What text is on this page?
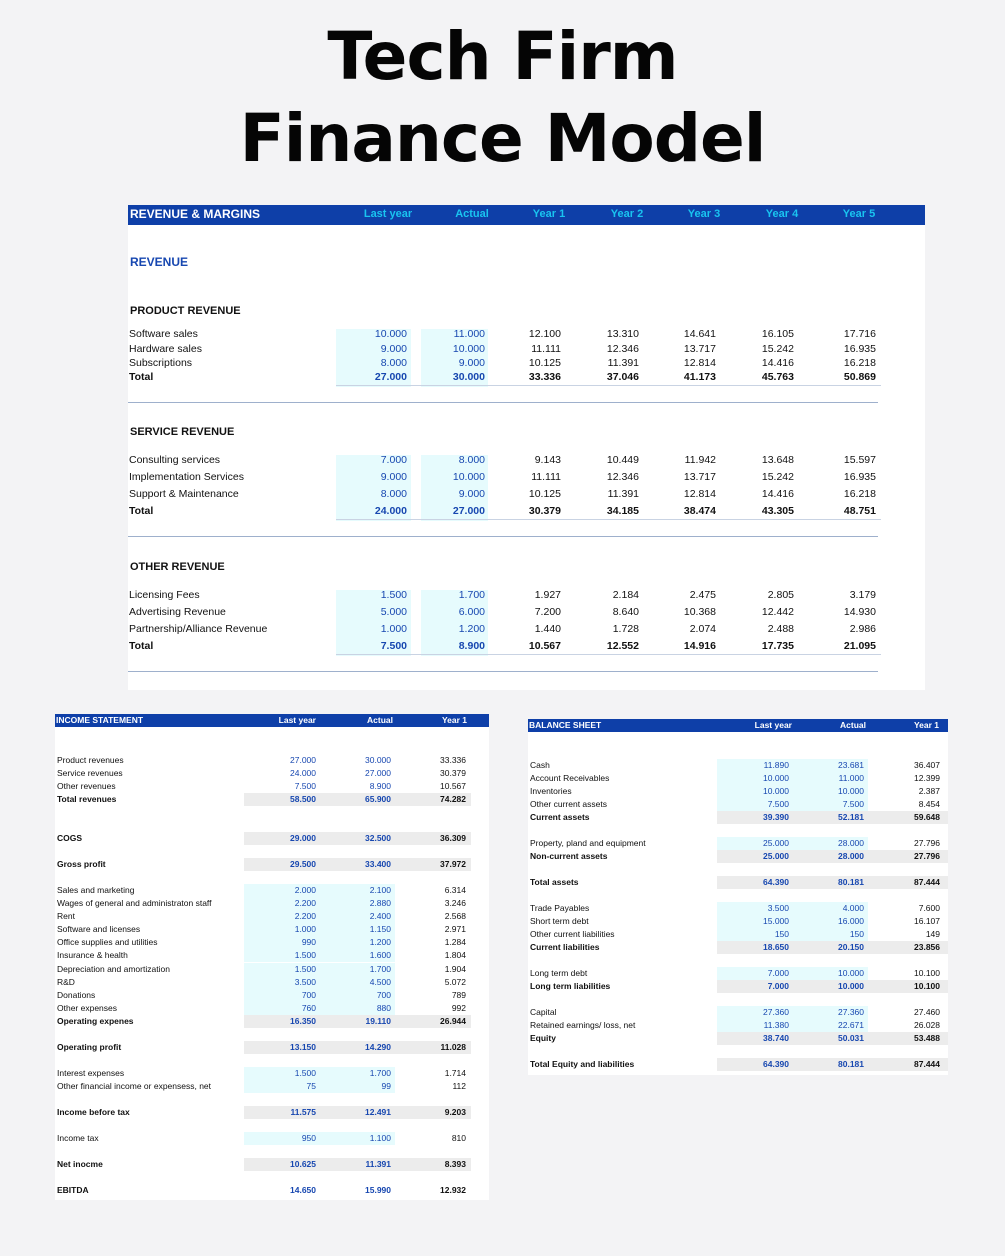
Tech Firm
Finance Model
REVENUE & MARGINS	Last year	Actual	Year 1	Year 2	Year 3	Year 4	Year 5
REVENUE
PRODUCT REVENUE
Software sales	10.000	11.000	12.100	13.310	14.641	16.105	17.716
Hardware sales	9.000	10.000	11.111	12.346	13.717	15.242	16.935
Subscriptions	8.000	9.000	10.125	11.391	12.814	14.416	16.218
Total	27.000	30.000	33.336	37.046	41.173	45.763	50.869
SERVICE REVENUE
Consulting services	7.000	8.000	9.143	10.449	11.942	13.648	15.597
Implementation Services	9.000	10.000	11.111	12.346	13.717	15.242	16.935
Support & Maintenance	8.000	9.000	10.125	11.391	12.814	14.416	16.218
Total	24.000	27.000	30.379	34.185	38.474	43.305	48.751
OTHER REVENUE
Licensing Fees	1.500	1.700	1.927	2.184	2.475	2.805	3.179
Advertising Revenue	5.000	6.000	7.200	8.640	10.368	12.442	14.930
Partnership/Alliance Revenue	1.000	1.200	1.440	1.728	2.074	2.488	2.986
Total	7.500	8.900	10.567	12.552	14.916	17.735	21.095
INCOME STATEMENT	Last year	Actual	Year 1
Product revenues	27.000	30.000	33.336
Service revenues	24.000	27.000	30.379
Other revenues	7.500	8.900	10.567
Total revenues	58.500	65.900	74.282
COGS	29.000	32.500	36.309
Gross profit	29.500	33.400	37.972
Sales and marketing	2.000	2.100	6.314
Wages of general and administraton staff	2.200	2.880	3.246
Rent	2.200	2.400	2.568
Software and licenses	1.000	1.150	2.971
Office supplies and utilities	990	1.200	1.284
Insurance & health	1.500	1.600	1.804
Depreciation and amortization	1.500	1.700	1.904
R&D	3.500	4.500	5.072
Donations	700	700	789
Other expenses	760	880	992
Operating expenes	16.350	19.110	26.944
Operating profit	13.150	14.290	11.028
Interest expenses	1.500	1.700	1.714
Other financial income or expensess, net	75	99	112
Income before tax	11.575	12.491	9.203
Income tax	950	1.100	810
Net inocme	10.625	11.391	8.393
EBITDA	14.650	15.990	12.932
BALANCE SHEET	Last year	Actual	Year 1
Cash	11.890	23.681	36.407
Account Receivables	10.000	11.000	12.399
Inventories	10.000	10.000	2.387
Other current assets	7.500	7.500	8.454
Current assets	39.390	52.181	59.648
Property, pland and equipment	25.000	28.000	27.796
Non-current assets	25.000	28.000	27.796
Total assets	64.390	80.181	87.444
Trade Payables	3.500	4.000	7.600
Short term debt	15.000	16.000	16.107
Other current liabilities	150	150	149
Current liabilities	18.650	20.150	23.856
Long term debt	7.000	10.000	10.100
Long term liabilities	7.000	10.000	10.100
Capital	27.360	27.360	27.460
Retained earnings/ loss, net	11.380	22.671	26.028
Equity	38.740	50.031	53.488
Total Equity and liabilities	64.390	80.181	87.444
